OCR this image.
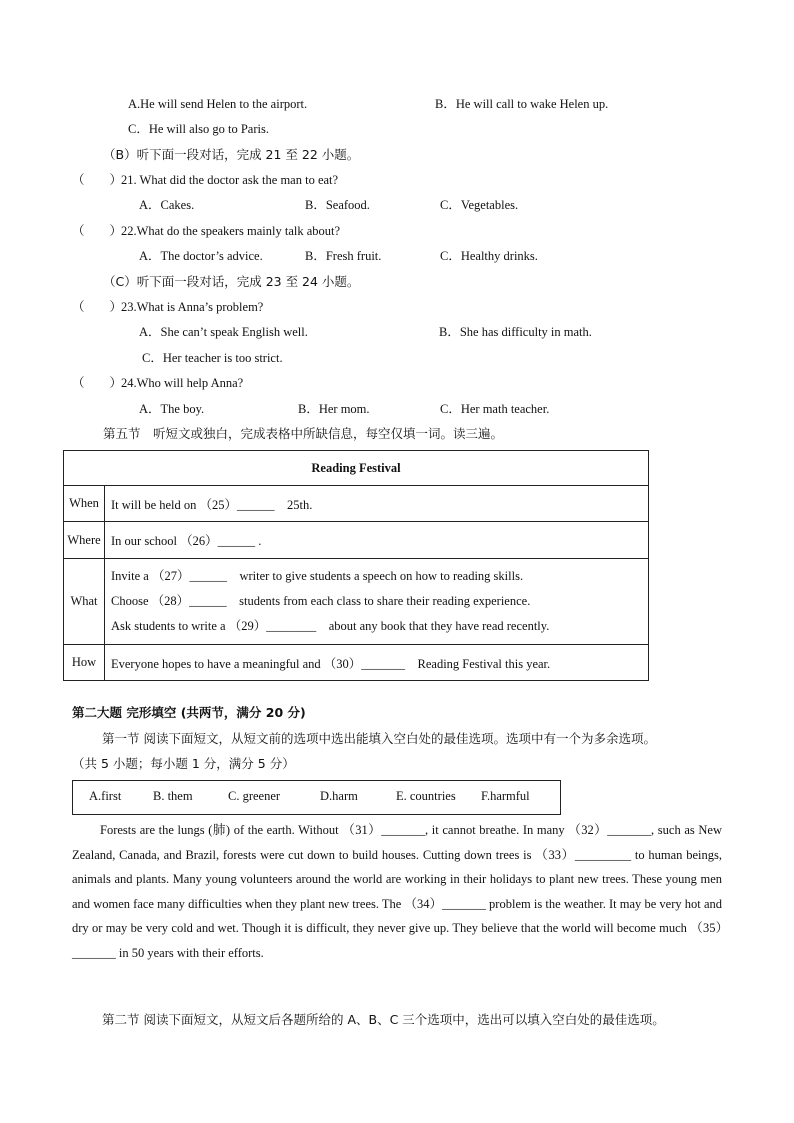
A.He will send Helen to the airport.	B．He will call to wake Helen up.
C．He will also go to Paris.
（B）听下面一段对话，完成 21 至 22 小题。
（　　）
21. What did the doctor ask the man to eat?
A．Cakes.	B．Seafood.	C．Vegetables.
（　　）
22.What do the speakers mainly talk about?
A．The doctor’s advice.	B．Fresh fruit.	C．Healthy drinks.
（C）听下面一段对话，完成 23 至 24 小题。
（　　）
23.What is Anna’s problem?
A．She can’t speak English well.	B．She has difficulty in math.
C．Her teacher is too strict.
（　　）
24.Who will help Anna?
A．The boy.	B．Her mom.	C．Her math teacher.
第五节　听短文或独白，完成表格中所缺信息，每空仅填一词。读三遍。
Reading Festival	
When	It will be held on （25）______　25th.
Where	In our school （26）______ .
What	Invite a （27）______　writer to give students a speech on how to reading skills.
Choose （28）______　students from each class to share their reading experience.
Ask students to write a （29）________　about any book that they have read recently.

How	Everyone hopes to have a meaningful and （30）_______　Reading Festival this year.
第二大题 完形填空 (共两节，满分 20 分)
第一节 阅读下面短文，从短文前的选项中选出能填入空白处的最佳选项。选项中有一个为多余选项。
（共 5 小题；每小题 1 分，满分 5 分）
A.first	B. them	C. greener	D.harm	E. countries F.harmful
Forests are the lungs (肺) of the earth. Without （31）_______, it cannot breathe. In many （32）_______, such as New Zealand, Canada, and Brazil, forests were cut down to build houses. Cutting down trees is （33）_________ to human beings, animals and plants. Many young volunteers around the world are working in their holidays to plant new trees. These young men and women face many difficulties when they plant new trees. The （34）_______ problem is the weather. It may be very hot and dry or may be very cold and wet. Though it is difficult, they never give up. They believe that the world will become much （35）_______ in 50 years with their efforts.
第二节 阅读下面短文，从短文后各题所给的 A、B、C 三个选项中，选出可以填入空白处的最佳选项。
